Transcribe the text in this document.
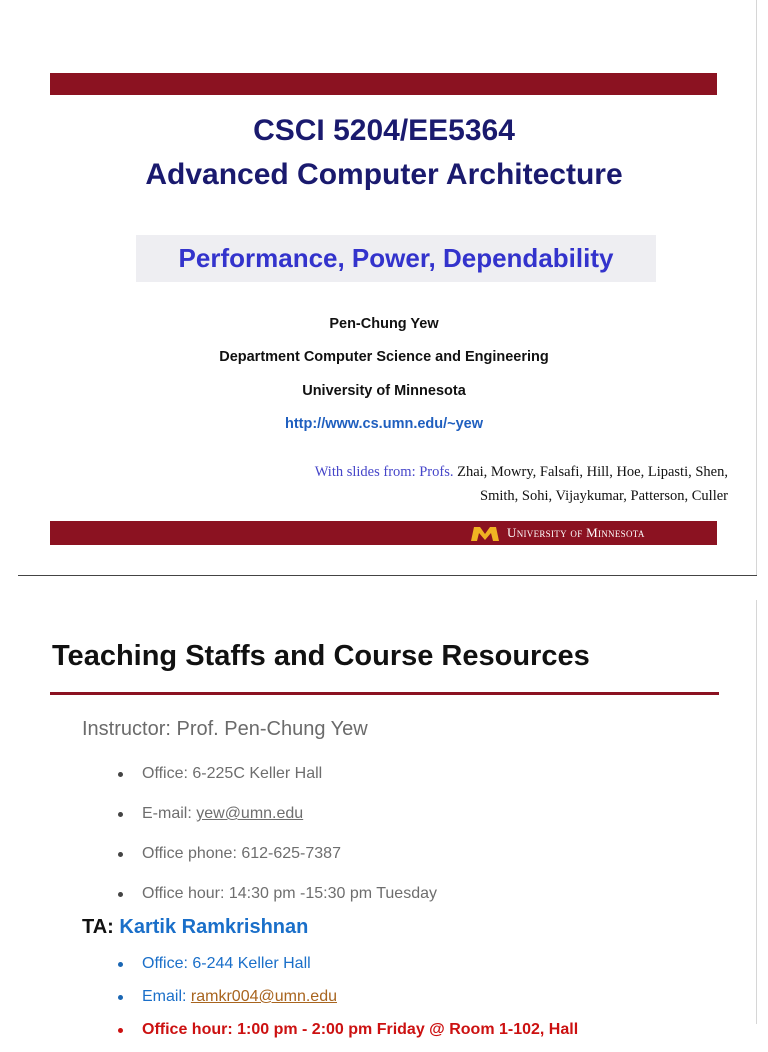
CSCI 5204/EE5364
Advanced Computer Architecture
Performance, Power, Dependability
Pen-Chung Yew
Department Computer Science and Engineering
University of Minnesota
http://www.cs.umn.edu/~yew
With slides from: Profs. Zhai, Mowry, Falsafi, Hill, Hoe, Lipasti, Shen,
Smith, Sohi, Vijaykumar, Patterson, Culler
University of Minnesota
Teaching Staffs and Course Resources
Instructor: Prof. Pen-Chung Yew
Office: 6-225C Keller Hall
E-mail: yew@umn.edu
Office phone: 612-625-7387
Office hour: 14:30 pm -15:30 pm Tuesday
TA: Kartik Ramkrishnan
Office: 6-244 Keller Hall
Email: ramkr004@umn.edu
Office hour: 1:00 pm - 2:00 pm Friday @ Room 1-102, Hall
